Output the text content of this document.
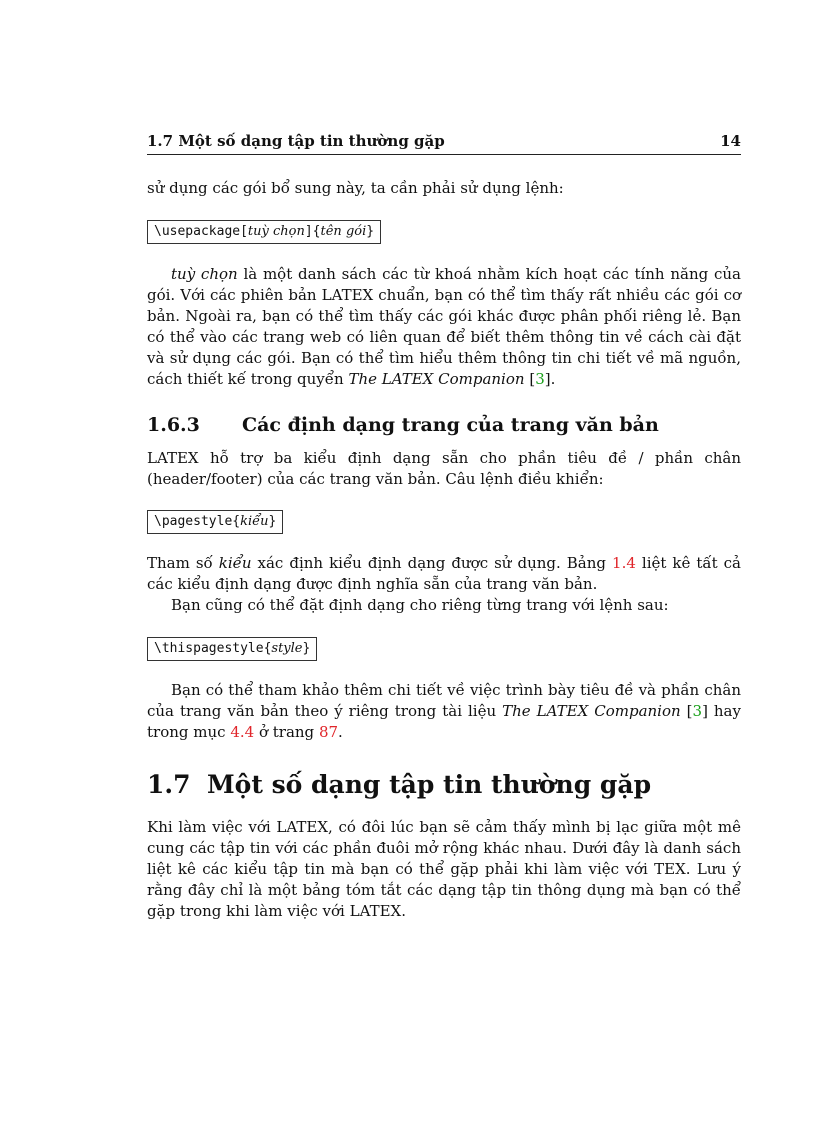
1.7 Một số dạng tập tin thường gặp	14
sử dụng các gói bổ sung này, ta cần phải sử dụng lệnh:
\usepackage[tuỳ chọn]{tên gói}
tuỳ chọn là một danh sách các từ khoá nhằm kích hoạt các tính năng của gói. Với các phiên bản LATEX chuẩn, bạn có thể tìm thấy rất nhiều các gói cơ bản. Ngoài ra, bạn có thể tìm thấy các gói khác được phân phối riêng lẻ. Bạn có thể vào các trang web có liên quan để biết thêm thông tin về cách cài đặt và sử dụng các gói. Bạn có thể tìm hiểu thêm thông tin chi tiết về mã nguồn, cách thiết kế trong quyển The LATEX Companion [3].
1.6.3 Các định dạng trang của trang văn bản
LATEX hỗ trợ ba kiểu định dạng sẵn cho phần tiêu đề / phần chân (header/footer) của các trang văn bản. Câu lệnh điều khiển:
\pagestyle{kiểu}
Tham số kiểu xác định kiểu định dạng được sử dụng. Bảng 1.4 liệt kê tất cả các kiểu định dạng được định nghĩa sẵn của trang văn bản.
Bạn cũng có thể đặt định dạng cho riêng từng trang với lệnh sau:
\thispagestyle{style}
Bạn có thể tham khảo thêm chi tiết về việc trình bày tiêu đề và phần chân của trang văn bản theo ý riêng trong tài liệu The LATEX Companion [3] hay trong mục 4.4 ở trang 87.
1.7 Một số dạng tập tin thường gặp
Khi làm việc với LATEX, có đôi lúc bạn sẽ cảm thấy mình bị lạc giữa một mê cung các tập tin với các phần đuôi mở rộng khác nhau. Dưới đây là danh sách liệt kê các kiểu tập tin mà bạn có thể gặp phải khi làm việc với TEX. Lưu ý rằng đây chỉ là một bảng tóm tắt các dạng tập tin thông dụng mà bạn có thể gặp trong khi làm việc với LATEX.
